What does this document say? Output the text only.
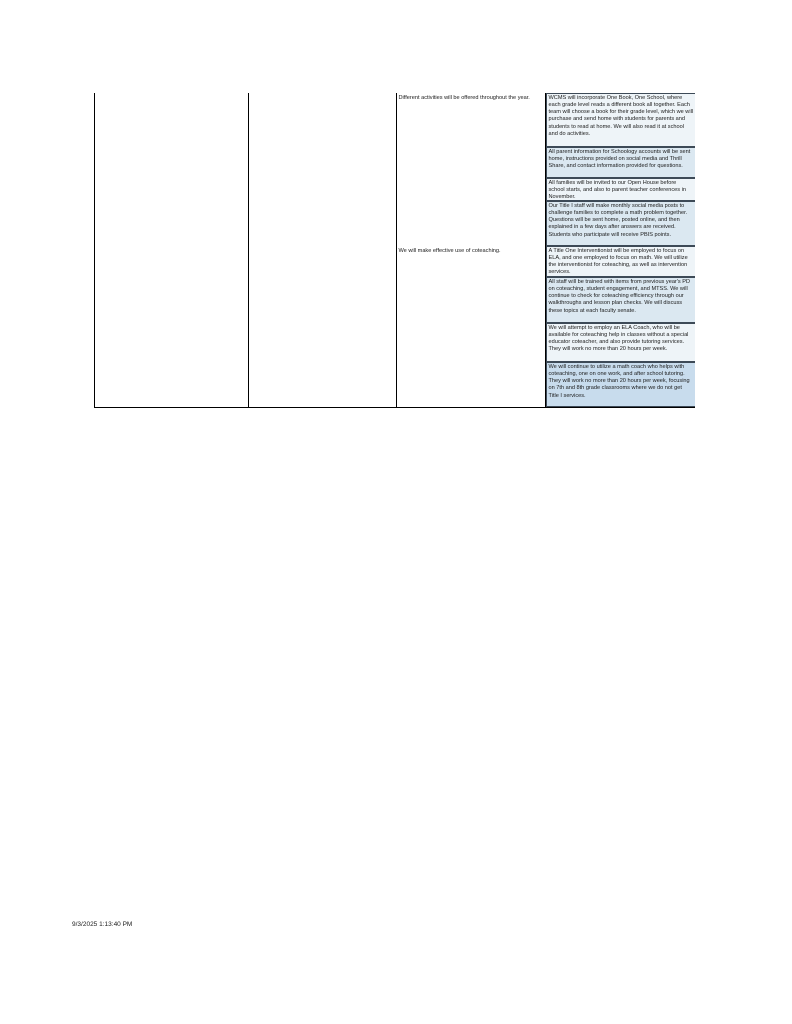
Different activities will be offered throughout the year.	WCMS will incorporate One Book, One School, where each grade level reads a different book all together. Each team will choose a book for their grade level, which we will purchase and send home with students for parents and students to read at home. We will also read it at school and do activities.
All parent information for Schoology accounts will be sent home, instructions provided on social media and Thrill Share, and contact information provided for questions.
All families will be invited to our Open House before school starts, and also to parent teacher conferences in November.
Our Title I staff will make monthly social media posts to challenge families to complete a math problem together. Questions will be sent home, posted online, and then explained in a few days after answers are received. Students who participate will receive PBIS points.
We will make effective use of coteaching.	A Title One Interventionist will be employed to focus on ELA, and one employed to focus on math. We will utilize the interventionist for coteaching, as well as intervention services.
All staff will be trained with items from previous year's PD on coteaching, student engagement, and MTSS. We will continue to check for coteaching efficiency through our walkthroughs and lesson plan checks. We will discuss these topics at each faculty senate.
We will attempt to employ an ELA Coach, who will be available for coteaching help in classes without a special educator coteacher, and also provide tutoring services. They will work no more than 20 hours per week.
We will continue to utilize a math coach who helps with coteaching, one on one work, and after school tutoring. They will work no more than 20 hours per week, focusing on 7th and 8th grade classrooms where we do not get Title I services.
9/3/2025 1:13:40 PM
